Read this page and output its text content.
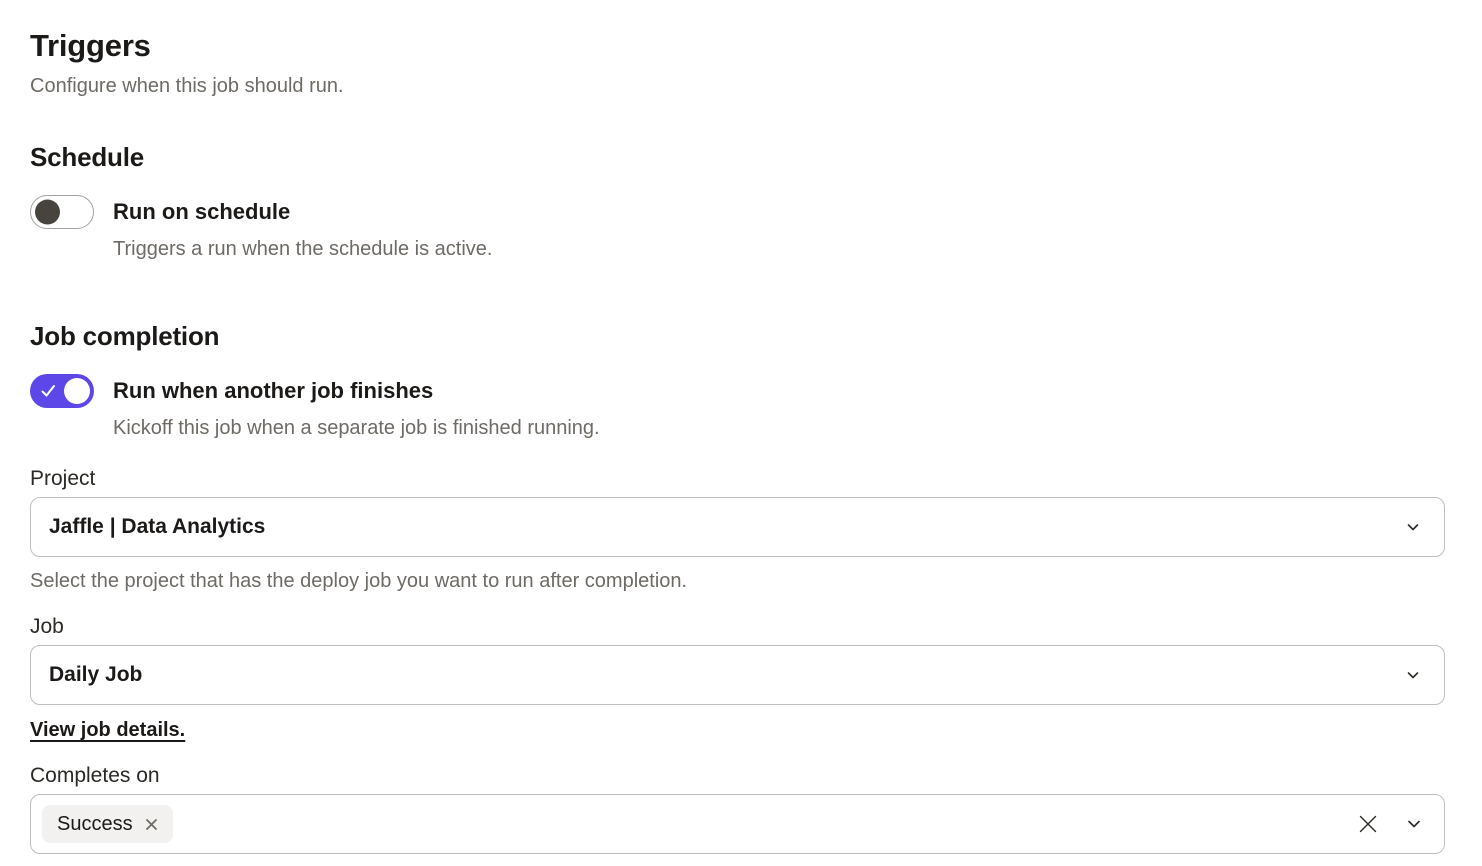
Triggers
Configure when this job should run.
Schedule
Run on schedule
Triggers a run when the schedule is active.
Job completion
Run when another job finishes
Kickoff this job when a separate job is finished running.
Project
Jaffle | Data Analytics
Select the project that has the deploy job you want to run after completion.
Job
Daily Job
View job details.
Completes on
Success
